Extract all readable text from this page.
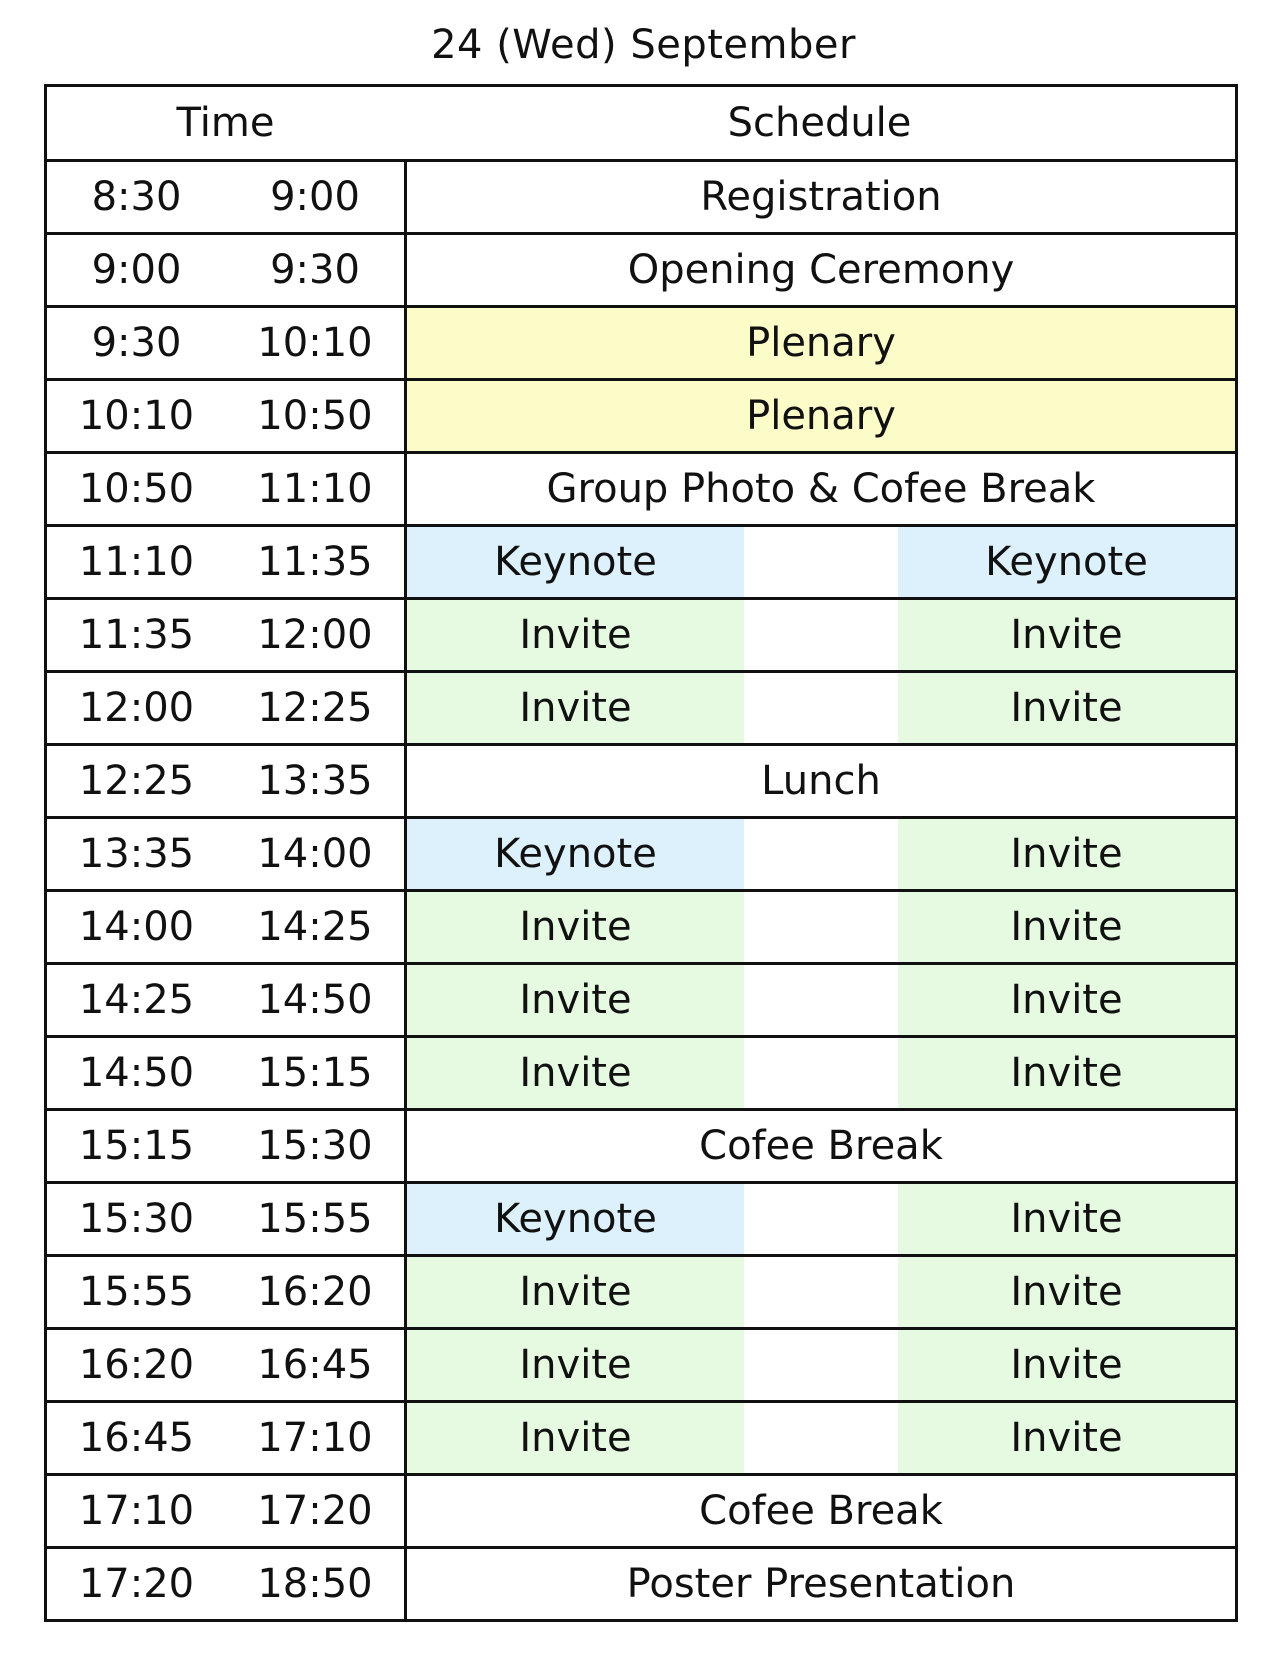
24 (Wed) September
Time	Schedule
8:30	9:00	Registration
9:00	9:30	Opening Ceremony
9:30	10:10	Plenary
10:10	10:50	Plenary
10:50	11:10	Group Photo & Cofee Break
11:10	11:35	Keynote	Keynote
11:35	12:00	Invite	Invite
12:00	12:25	Invite	Invite
12:25	13:35	Lunch
13:35	14:00	Keynote	Invite
14:00	14:25	Invite	Invite
14:25	14:50	Invite	Invite
14:50	15:15	Invite	Invite
15:15	15:30	Cofee Break
15:30	15:55	Keynote	Invite
15:55	16:20	Invite	Invite
16:20	16:45	Invite	Invite
16:45	17:10	Invite	Invite
17:10	17:20	Cofee Break
17:20	18:50	Poster Presentation
